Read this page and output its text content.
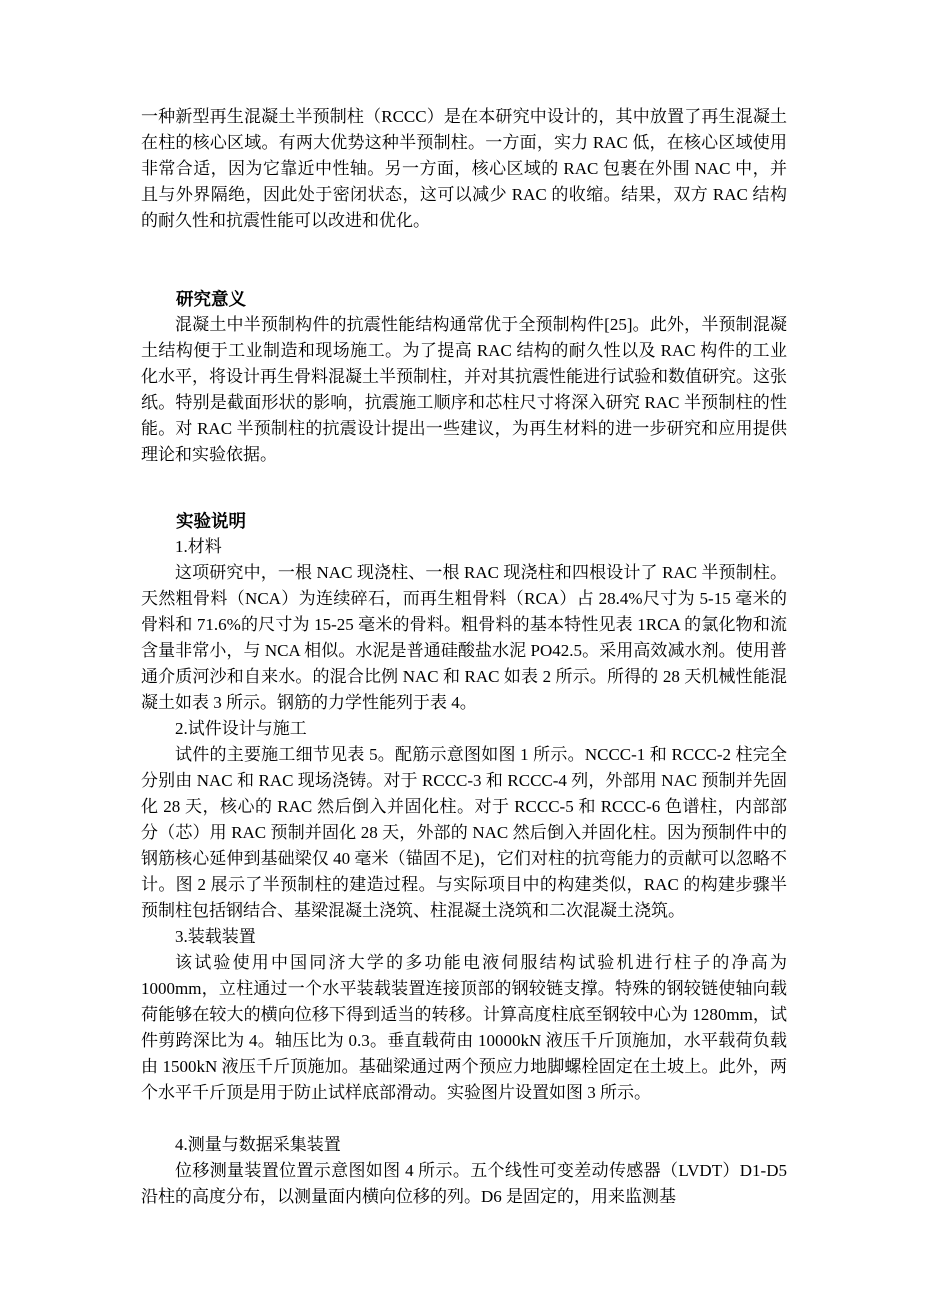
一种新型再生混凝土半预制柱（RCCC）是在本研究中设计的，其中放置了再生混凝土在柱的核心区域。有两大优势这种半预制柱。一方面，实力 RAC 低，在核心区域使用非常合适，因为它靠近中性轴。另一方面，核心区域的 RAC 包裹在外围 NAC 中，并且与外界隔绝，因此处于密闭状态，这可以减少 RAC 的收缩。结果，双方 RAC 结构的耐久性和抗震性能可以改进和优化。

研究意义

混凝土中半预制构件的抗震性能结构通常优于全预制构件[25]。此外，半预制混凝土结构便于工业制造和现场施工。为了提高 RAC 结构的耐久性以及 RAC 构件的工业化水平，将设计再生骨料混凝土半预制柱，并对其抗震性能进行试验和数值研究。这张纸。特别是截面形状的影响，抗震施工顺序和芯柱尺寸将深入研究 RAC 半预制柱的性能。对 RAC 半预制柱的抗震设计提出一些建议，为再生材料的进一步研究和应用提供理论和实验依据。

实验说明

1.材料

这项研究中，一根 NAC 现浇柱、一根 RAC 现浇柱和四根设计了 RAC 半预制柱。天然粗骨料（NCA）为连续碎石，而再生粗骨料（RCA）占 28.4%尺寸为 5-15 毫米的骨料和 71.6%的尺寸为 15-25 毫米的骨料。粗骨料的基本特性见表 1RCA 的氯化物和流含量非常小，与 NCA 相似。水泥是普通硅酸盐水泥 PO42.5。采用高效减水剂。使用普通介质河沙和自来水。的混合比例 NAC 和 RAC 如表 2 所示。所得的 28 天机械性能混凝土如表 3 所示。钢筋的力学性能列于表 4。

2.试件设计与施工

试件的主要施工细节见表 5。配筋示意图如图 1 所示。NCCC-1 和 RCCC-2 柱完全分别由 NAC 和 RAC 现场浇铸。对于 RCCC-3 和 RCCC-4 列，外部用 NAC 预制并先固化 28 天，核心的 RAC 然后倒入并固化柱。对于 RCCC-5 和 RCCC-6 色谱柱，内部部分（芯）用 RAC 预制并固化 28 天，外部的 NAC 然后倒入并固化柱。因为预制件中的钢筋核心延伸到基础梁仅 40 毫米（锚固不足)，它们对柱的抗弯能力的贡献可以忽略不计。图 2 展示了半预制柱的建造过程。与实际项目中的构建类似，RAC 的构建步骤半预制柱包括钢结合、基梁混凝土浇筑、柱混凝土浇筑和二次混凝土浇筑。

3.装载装置

该试验使用中国同济大学的多功能电液伺服结构试验机进行柱子的净高为 1000mm，立柱通过一个水平装载装置连接顶部的钢较链支撑。特殊的钢较链使轴向载荷能够在较大的横向位移下得到适当的转移。计算高度柱底至钢较中心为 1280mm，试件剪跨深比为 4。轴压比为 0.3。垂直载荷由 10000kN 液压千斤顶施加，水平载荷负载由 1500kN 液压千斤顶施加。基础梁通过两个预应力地脚螺栓固定在土坡上。此外，两个水平千斤顶是用于防止试样底部滑动。实验图片设置如图 3 所示。

4.测量与数据采集装置

位移测量装置位置示意图如图 4 所示。五个线性可变差动传感器（LVDT）D1-D5 沿柱的高度分布，以测量面内横向位移的列。D6 是固定的，用来监测基
